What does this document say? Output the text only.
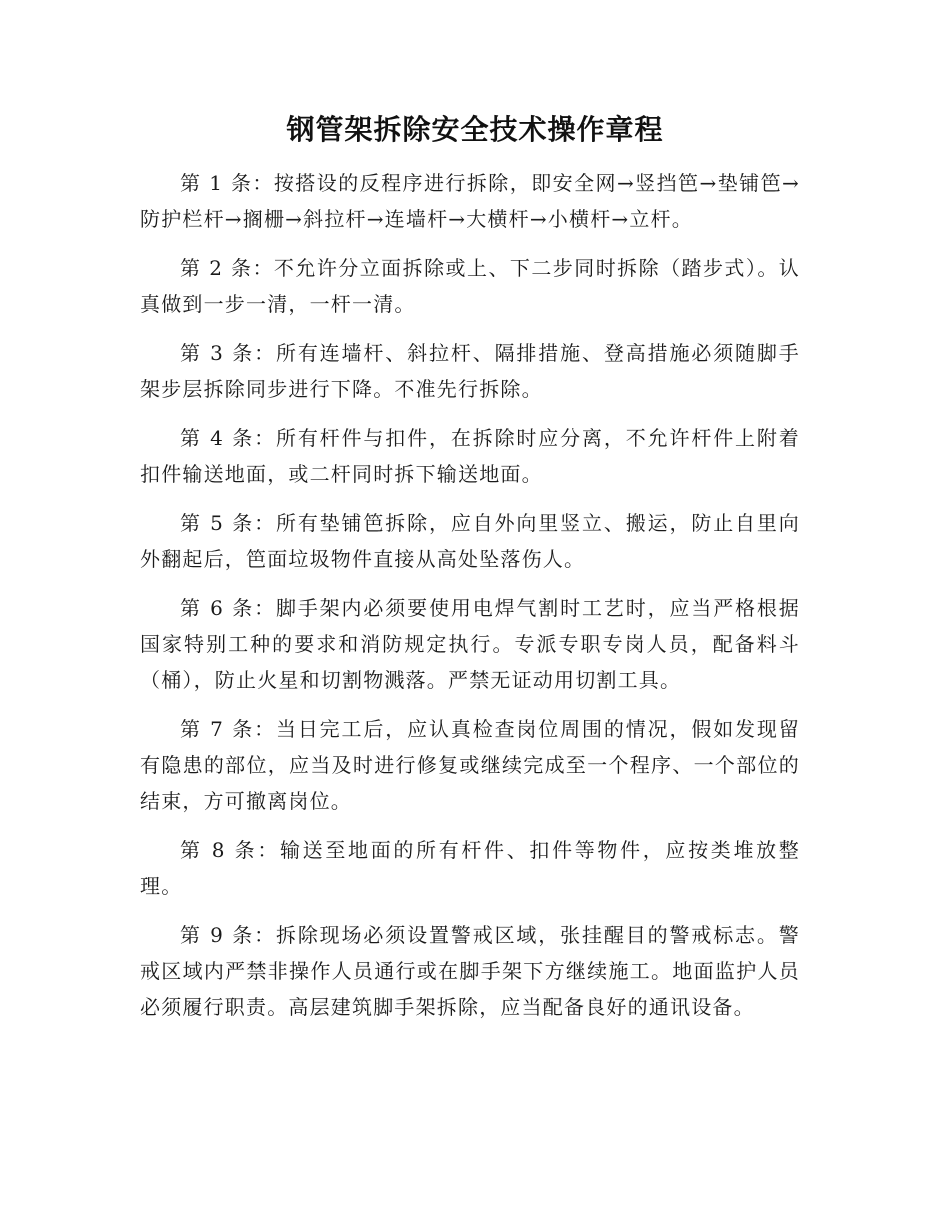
钢管架拆除安全技术操作章程

第 1 条：按搭设的反程序进行拆除，即安全网→竖挡笆→垫铺笆→防护栏杆→搁栅→斜拉杆→连墙杆→大横杆→小横杆→立杆。

第 2 条：不允许分立面拆除或上、下二步同时拆除（踏步式）。认真做到一步一清，一杆一清。

第 3 条：所有连墙杆、斜拉杆、隔排措施、登高措施必须随脚手架步层拆除同步进行下降。不准先行拆除。

第 4 条：所有杆件与扣件，在拆除时应分离，不允许杆件上附着扣件输送地面，或二杆同时拆下输送地面。

第 5 条：所有垫铺笆拆除，应自外向里竖立、搬运，防止自里向外翻起后，笆面垃圾物件直接从高处坠落伤人。

第 6 条：脚手架内必须要使用电焊气割时工艺时，应当严格根据国家特别工种的要求和消防规定执行。专派专职专岗人员，配备料斗（桶），防止火星和切割物溅落。严禁无证动用切割工具。

第 7 条：当日完工后，应认真检查岗位周围的情况，假如发现留有隐患的部位，应当及时进行修复或继续完成至一个程序、一个部位的结束，方可撤离岗位。

第 8 条：输送至地面的所有杆件、扣件等物件，应按类堆放整理。

第 9 条：拆除现场必须设置警戒区域，张挂醒目的警戒标志。警戒区域内严禁非操作人员通行或在脚手架下方继续施工。地面监护人员必须履行职责。高层建筑脚手架拆除，应当配备良好的通讯设备。
